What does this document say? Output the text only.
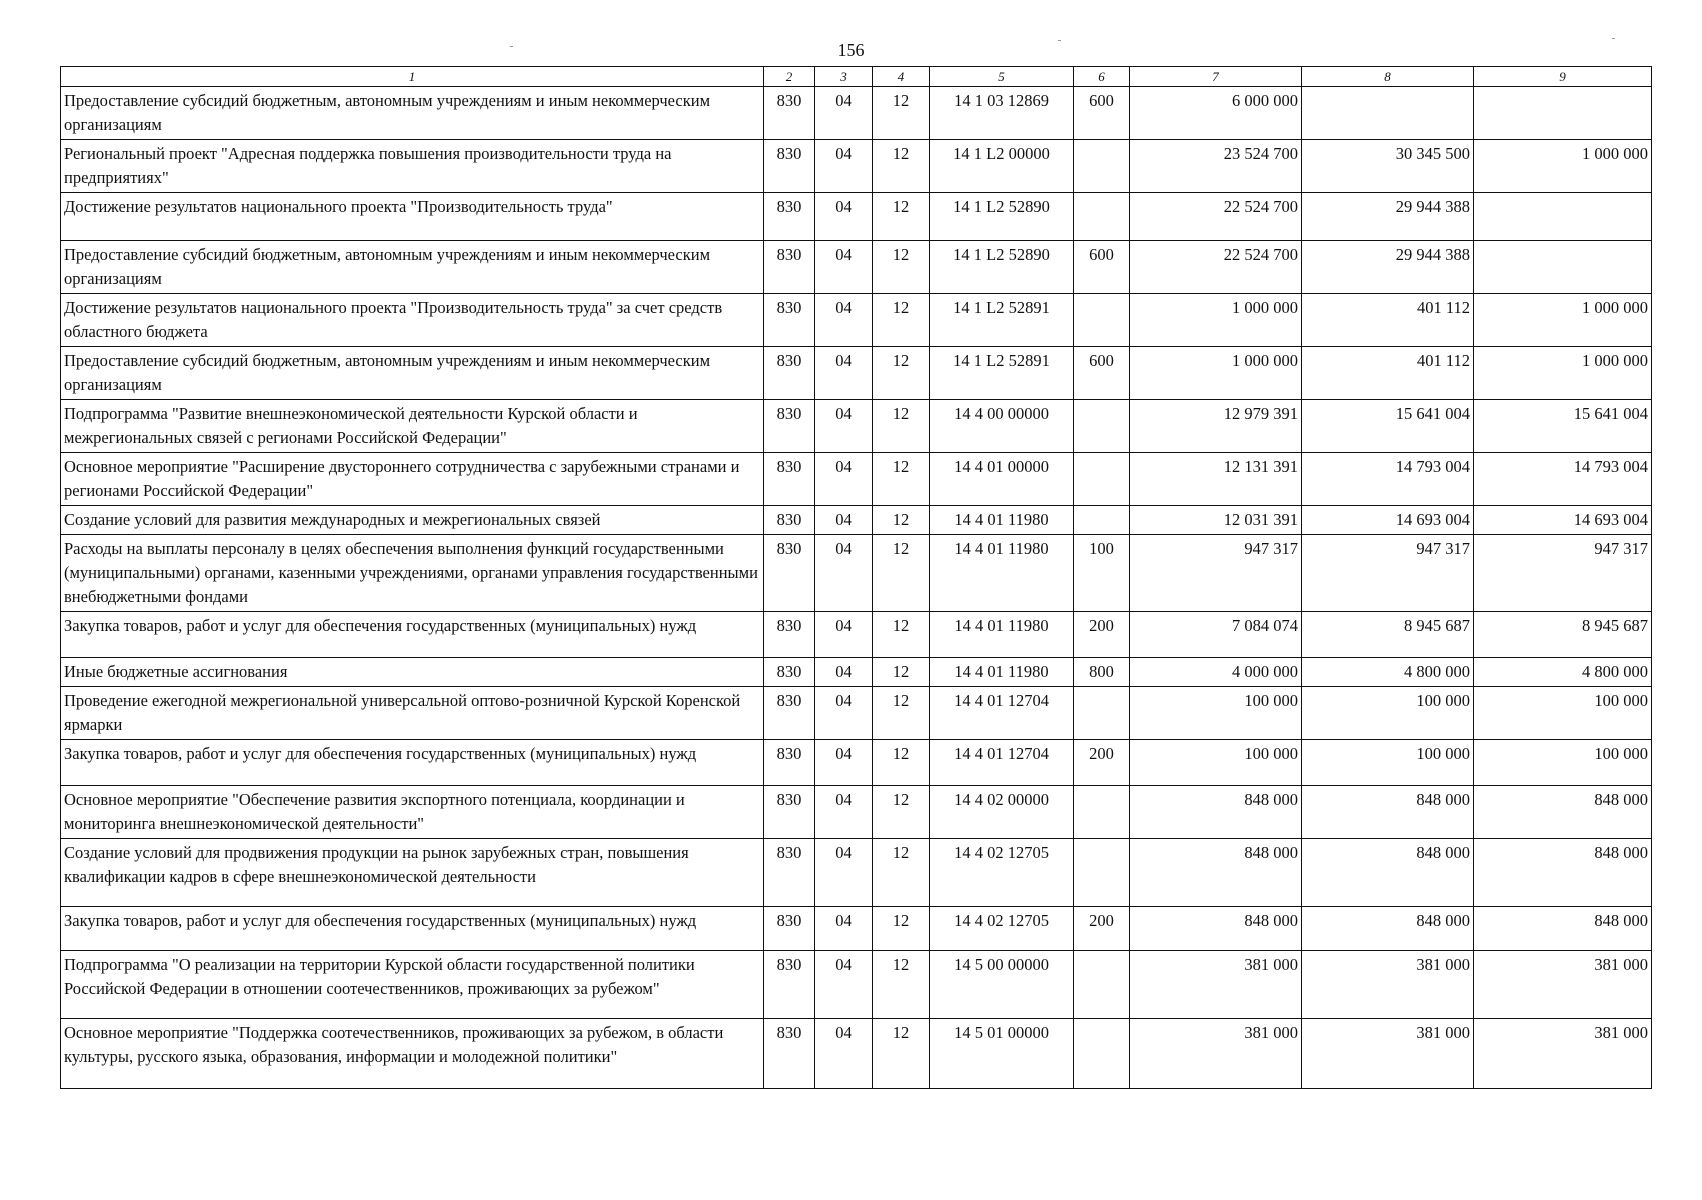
156
1	2	3	4	5	6	7	8	9
Предоставление субсидий бюджетным, автономным учреждениям и иным некоммерческим организациям	830	04	12	14 1 03 12869	600	6 000 000		
Региональный проект "Адресная поддержка повышения производительности труда на предприятиях"	830	04	12	14 1 L2 00000		23 524 700	30 345 500	1 000 000
Достижение результатов национального проекта "Производительность труда"	830	04	12	14 1 L2 52890		22 524 700	29 944 388	
Предоставление субсидий бюджетным, автономным учреждениям и иным некоммерческим организациям	830	04	12	14 1 L2 52890	600	22 524 700	29 944 388	
Достижение результатов национального проекта "Производительность труда" за счет средств областного бюджета	830	04	12	14 1 L2 52891		1 000 000	401 112	1 000 000
Предоставление субсидий бюджетным, автономным учреждениям и иным некоммерческим организациям	830	04	12	14 1 L2 52891	600	1 000 000	401 112	1 000 000
Подпрограмма "Развитие внешнеэкономической деятельности Курской области и межрегиональных связей с регионами Российской Федерации"	830	04	12	14 4 00 00000		12 979 391	15 641 004	15 641 004
Основное мероприятие "Расширение двустороннего сотрудничества с зарубежными странами и регионами Российской Федерации"	830	04	12	14 4 01 00000		12 131 391	14 793 004	14 793 004
Создание условий для развития международных и межрегиональных связей	830	04	12	14 4 01 11980		12 031 391	14 693 004	14 693 004
Расходы на выплаты персоналу в целях обеспечения выполнения функций государственными (муниципальными) органами, казенными учреждениями, органами управления государственными внебюджетными фондами	830	04	12	14 4 01 11980	100	947 317	947 317	947 317
Закупка товаров, работ и услуг для обеспечения государственных (муниципальных) нужд	830	04	12	14 4 01 11980	200	7 084 074	8 945 687	8 945 687
Иные бюджетные ассигнования	830	04	12	14 4 01 11980	800	4 000 000	4 800 000	4 800 000
Проведение ежегодной межрегиональной универсальной оптово-розничной Курской Коренской ярмарки	830	04	12	14 4 01 12704		100 000	100 000	100 000
Закупка товаров, работ и услуг для обеспечения государственных (муниципальных) нужд	830	04	12	14 4 01 12704	200	100 000	100 000	100 000
Основное мероприятие "Обеспечение развития экспортного потенциала, координации и мониторинга внешнеэкономической деятельности"	830	04	12	14 4 02 00000		848 000	848 000	848 000
Создание условий для продвижения продукции на рынок зарубежных стран, повышения квалификации кадров в сфере внешнеэкономической деятельности	830	04	12	14 4 02 12705		848 000	848 000	848 000
Закупка товаров, работ и услуг для обеспечения государственных (муниципальных) нужд	830	04	12	14 4 02 12705	200	848 000	848 000	848 000
Подпрограмма "О реализации на территории Курской области государственной политики Российской Федерации в отношении соотечественников, проживающих за рубежом"	830	04	12	14 5 00 00000		381 000	381 000	381 000
Основное мероприятие "Поддержка соотечественников, проживающих за рубежом, в области культуры, русского языка, образования, информации и молодежной политики"	830	04	12	14 5 01 00000		381 000	381 000	381 000
